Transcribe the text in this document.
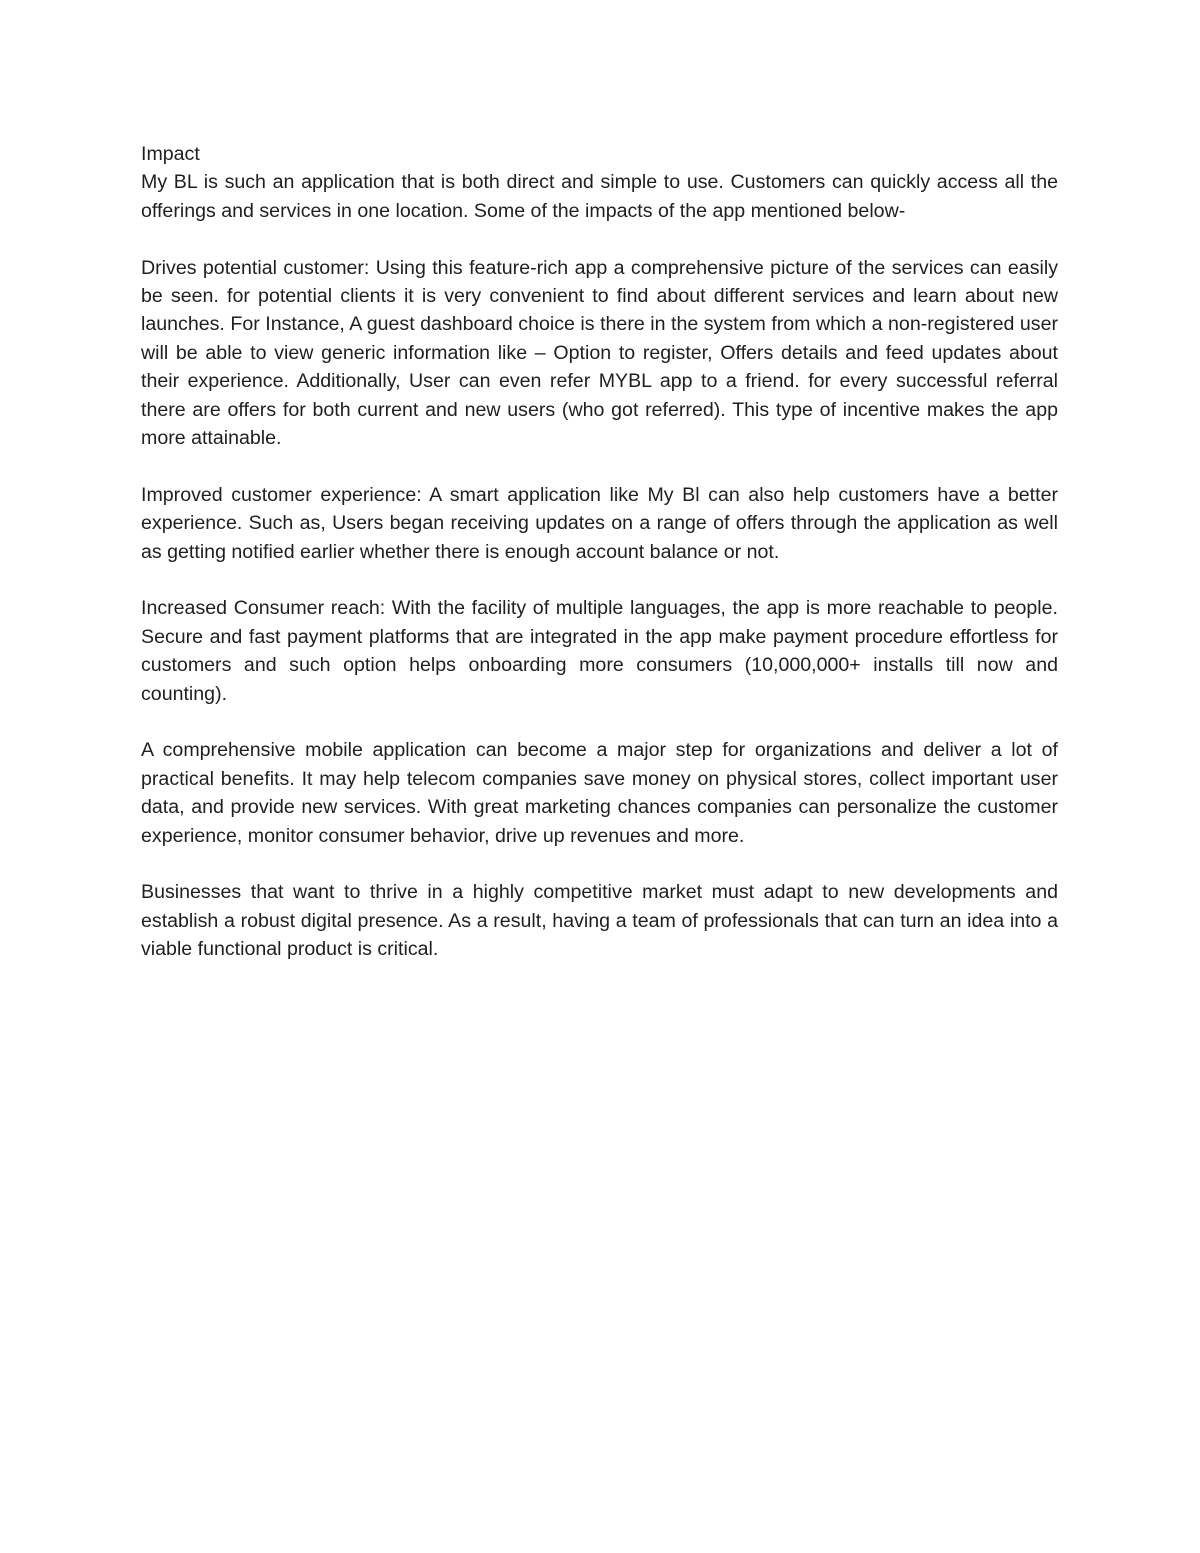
Impact

My BL is such an application that is both direct and simple to use. Customers can quickly access all the offerings and services in one location. Some of the impacts of the app mentioned below-

Drives potential customer: Using this feature-rich app a comprehensive picture of the services can easily be seen. for potential clients it is very convenient to find about different services and learn about new launches. For Instance, A guest dashboard choice is there in the system from which a non-registered user will be able to view generic information like – Option to register, Offers details and feed updates about their experience. Additionally, User can even refer MYBL app to a friend. for every successful referral there are offers for both current and new users (who got referred). This type of incentive makes the app more attainable.

Improved customer experience: A smart application like My Bl can also help customers have a better experience. Such as, Users began receiving updates on a range of offers through the application as well as getting notified earlier whether there is enough account balance or not.

Increased Consumer reach: With the facility of multiple languages, the app is more reachable to people. Secure and fast payment platforms that are integrated in the app make payment procedure effortless for customers and such option helps onboarding more consumers (10,000,000+ installs till now and counting).

A comprehensive mobile application can become a major step for organizations and deliver a lot of practical benefits. It may help telecom companies save money on physical stores, collect important user data, and provide new services. With great marketing chances companies can personalize the customer experience, monitor consumer behavior, drive up revenues and more.

Businesses that want to thrive in a highly competitive market must adapt to new developments and establish a robust digital presence. As a result, having a team of professionals that can turn an idea into a viable functional product is critical.
